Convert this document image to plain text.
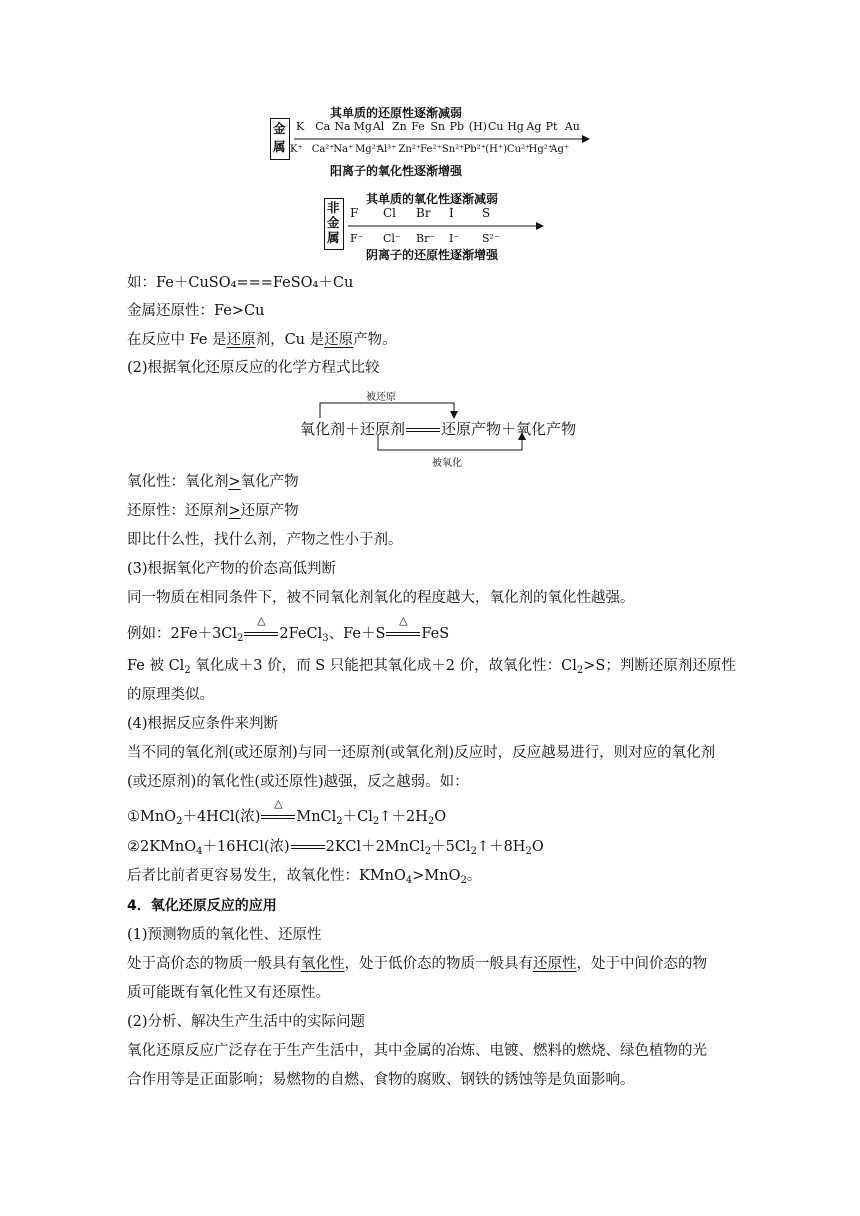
其单质的还原性逐渐减弱
金属
K Ca Na Mg Al Zn Fe Sn Pb (H) Cu Hg Ag Pt Au
K⁺ Ca²⁺
Na⁺ Mg²⁺
Al³⁺ Zn²⁺ Fe²⁺ Sn²⁺ Pb²⁺ (H⁺) Cu²⁺
Hg²⁺
Ag⁺
阳离子的氧化性逐渐增强
其单质的氧化性逐渐减弱
非金属
F Cl Br I S
F⁻ Cl⁻ Br⁻ I⁻ S²⁻
阴离子的还原性逐渐增强
如：Fe＋CuSO₄===FeSO₄＋Cu
金属还原性：Fe>Cu
在反应中 Fe 是还原剂，Cu 是还原产物。
(2)根据氧化还原反应的化学方程式比较
被还原
氧化剂＋还原剂 还原产物＋氧化产物
被氧化
氧化性：氧化剂>氧化产物
还原性：还原剂>还原产物
即比什么性，找什么剂，产物之性小于剂。
(3)根据氧化产物的价态高低判断
同一物质在相同条件下，被不同氧化剂氧化的程度越大，氧化剂的氧化性越强。
例如：$2Fe+3Cl_2$
△
2FeCl$_3$、Fe＋S
△
FeS
Fe 被 $Cl_2$ 氧化成＋3 价，而 S 只能把其氧化成＋2 价，故氧化性：$Cl_2>S$；判断还原剂还原性
的原理类似。
(4)根据反应条件来判断
当不同的氧化剂(或还原剂)与同一还原剂(或氧化剂)反应时，反应越易进行，则对应的氧化剂
(或还原剂)的氧化性(或还原性)越强，反之越弱。如：
①MnO$_2$＋4HCl(浓)
△
$MnCl_2+Cl_2↑+2H_2O$
②2KMnO$_4$＋16HCl(浓) $2KCl+2MnCl_2+5Cl_2↑+8H_2O$
后者比前者更容易发生，故氧化性：KMnO$_4$>MnO$_2$。
4．氧化还原反应的应用
(1)预测物质的氧化性、还原性
处于高价态的物质一般具有氧化性，处于低价态的物质一般具有还原性，处于中间价态的物
质可能既有氧化性又有还原性。
(2)分析、解决生产生活中的实际问题
氧化还原反应广泛存在于生产生活中，其中金属的冶炼、电镀、燃料的燃烧、绿色植物的光
合作用等是正面影响；易燃物的自燃、食物的腐败、钢铁的锈蚀等是负面影响。
